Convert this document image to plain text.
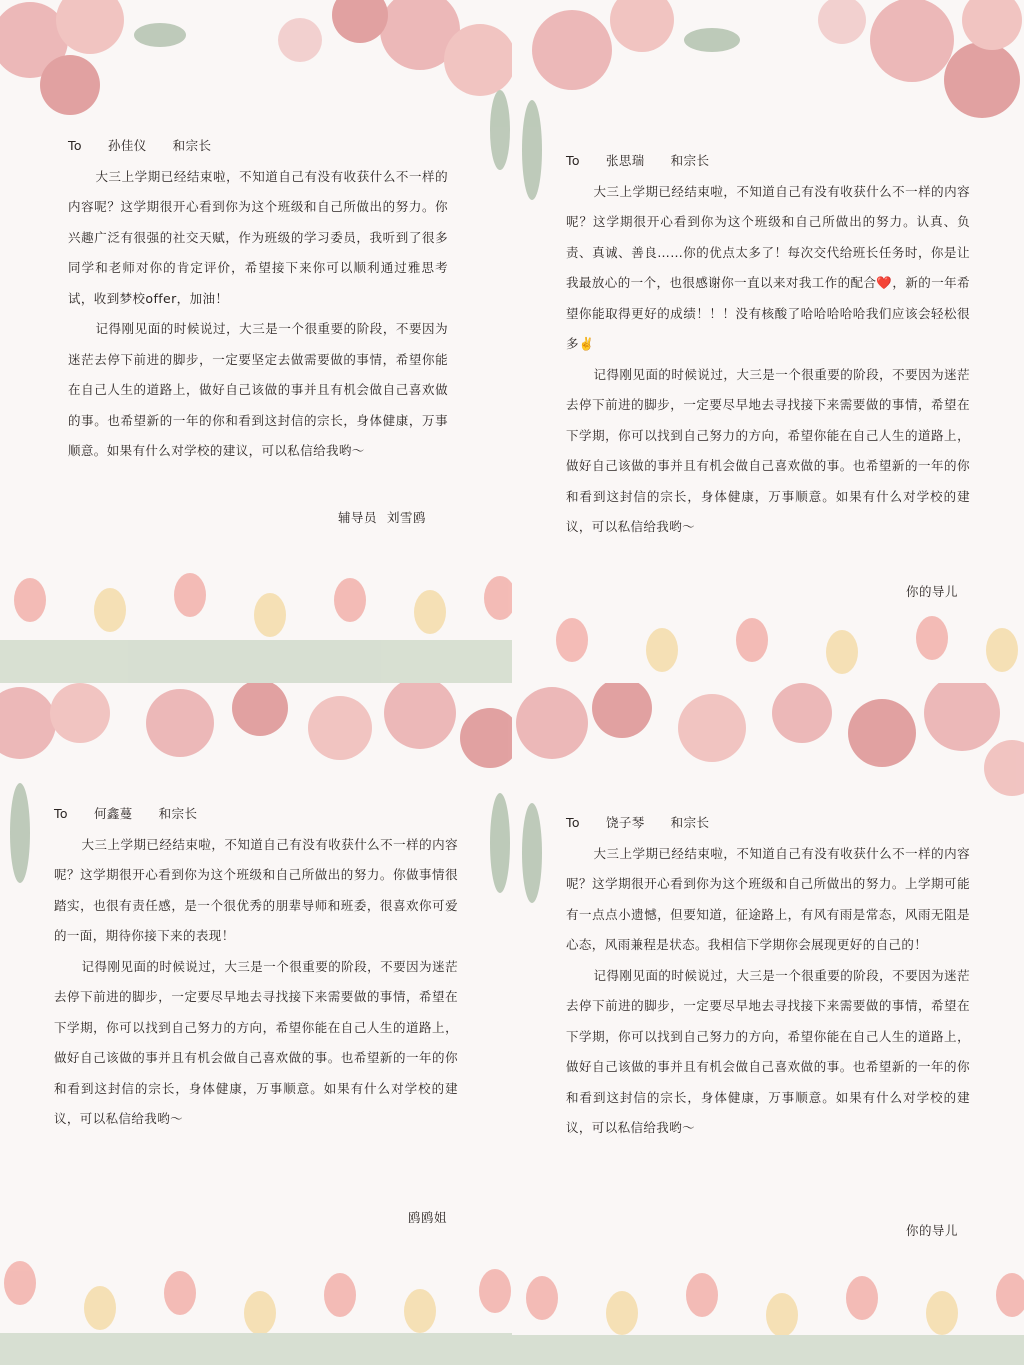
To 孙佳仪 和宗长

大三上学期已经结束啦，不知道自己有没有收获什么不一样的内容呢？这学期很开心看到你为这个班级和自己所做出的努力。你兴趣广泛有很强的社交天赋，作为班级的学习委员，我听到了很多同学和老师对你的肯定评价，希望接下来你可以顺利通过雅思考试，收到梦校offer，加油！

记得刚见面的时候说过，大三是一个很重要的阶段，不要因为迷茫去停下前进的脚步，一定要坚定去做需要做的事情，希望你能在自己人生的道路上，做好自己该做的事并且有机会做自己喜欢做的事。也希望新的一年的你和看到这封信的宗长，身体健康，万事顺意。如果有什么对学校的建议，可以私信给我哟～

辅导员 刘雪鸥

To 张思瑞 和宗长

大三上学期已经结束啦，不知道自己有没有收获什么不一样的内容呢？这学期很开心看到你为这个班级和自己所做出的努力。认真、负责、真诚、善良……你的优点太多了！每次交代给班长任务时，你是让我最放心的一个，也很感谢你一直以来对我工作的配合❤️，新的一年希望你能取得更好的成绩！！！没有核酸了哈哈哈哈哈我们应该会轻松很多✌️

记得刚见面的时候说过，大三是一个很重要的阶段，不要因为迷茫去停下前进的脚步，一定要尽早地去寻找接下来需要做的事情，希望在下学期，你可以找到自己努力的方向，希望你能在自己人生的道路上，做好自己该做的事并且有机会做自己喜欢做的事。也希望新的一年的你和看到这封信的宗长，身体健康，万事顺意。如果有什么对学校的建议，可以私信给我哟～

你的导儿

To 何鑫蔓 和宗长

大三上学期已经结束啦，不知道自己有没有收获什么不一样的内容呢？这学期很开心看到你为这个班级和自己所做出的努力。你做事情很踏实，也很有责任感，是一个很优秀的朋辈导师和班委，很喜欢你可爱的一面，期待你接下来的表现！

记得刚见面的时候说过，大三是一个很重要的阶段，不要因为迷茫去停下前进的脚步，一定要尽早地去寻找接下来需要做的事情，希望在下学期，你可以找到自己努力的方向，希望你能在自己人生的道路上，做好自己该做的事并且有机会做自己喜欢做的事。也希望新的一年的你和看到这封信的宗长，身体健康，万事顺意。如果有什么对学校的建议，可以私信给我哟～

鸥鸥姐

To 饶子琴 和宗长

大三上学期已经结束啦，不知道自己有没有收获什么不一样的内容呢？这学期很开心看到你为这个班级和自己所做出的努力。上学期可能有一点点小遗憾，但要知道，征途路上，有风有雨是常态，风雨无阻是心态，风雨兼程是状态。我相信下学期你会展现更好的自己的！

记得刚见面的时候说过，大三是一个很重要的阶段，不要因为迷茫去停下前进的脚步，一定要尽早地去寻找接下来需要做的事情，希望在下学期，你可以找到自己努力的方向，希望你能在自己人生的道路上，做好自己该做的事并且有机会做自己喜欢做的事。也希望新的一年的你和看到这封信的宗长，身体健康，万事顺意。如果有什么对学校的建议，可以私信给我哟～

你的导儿
